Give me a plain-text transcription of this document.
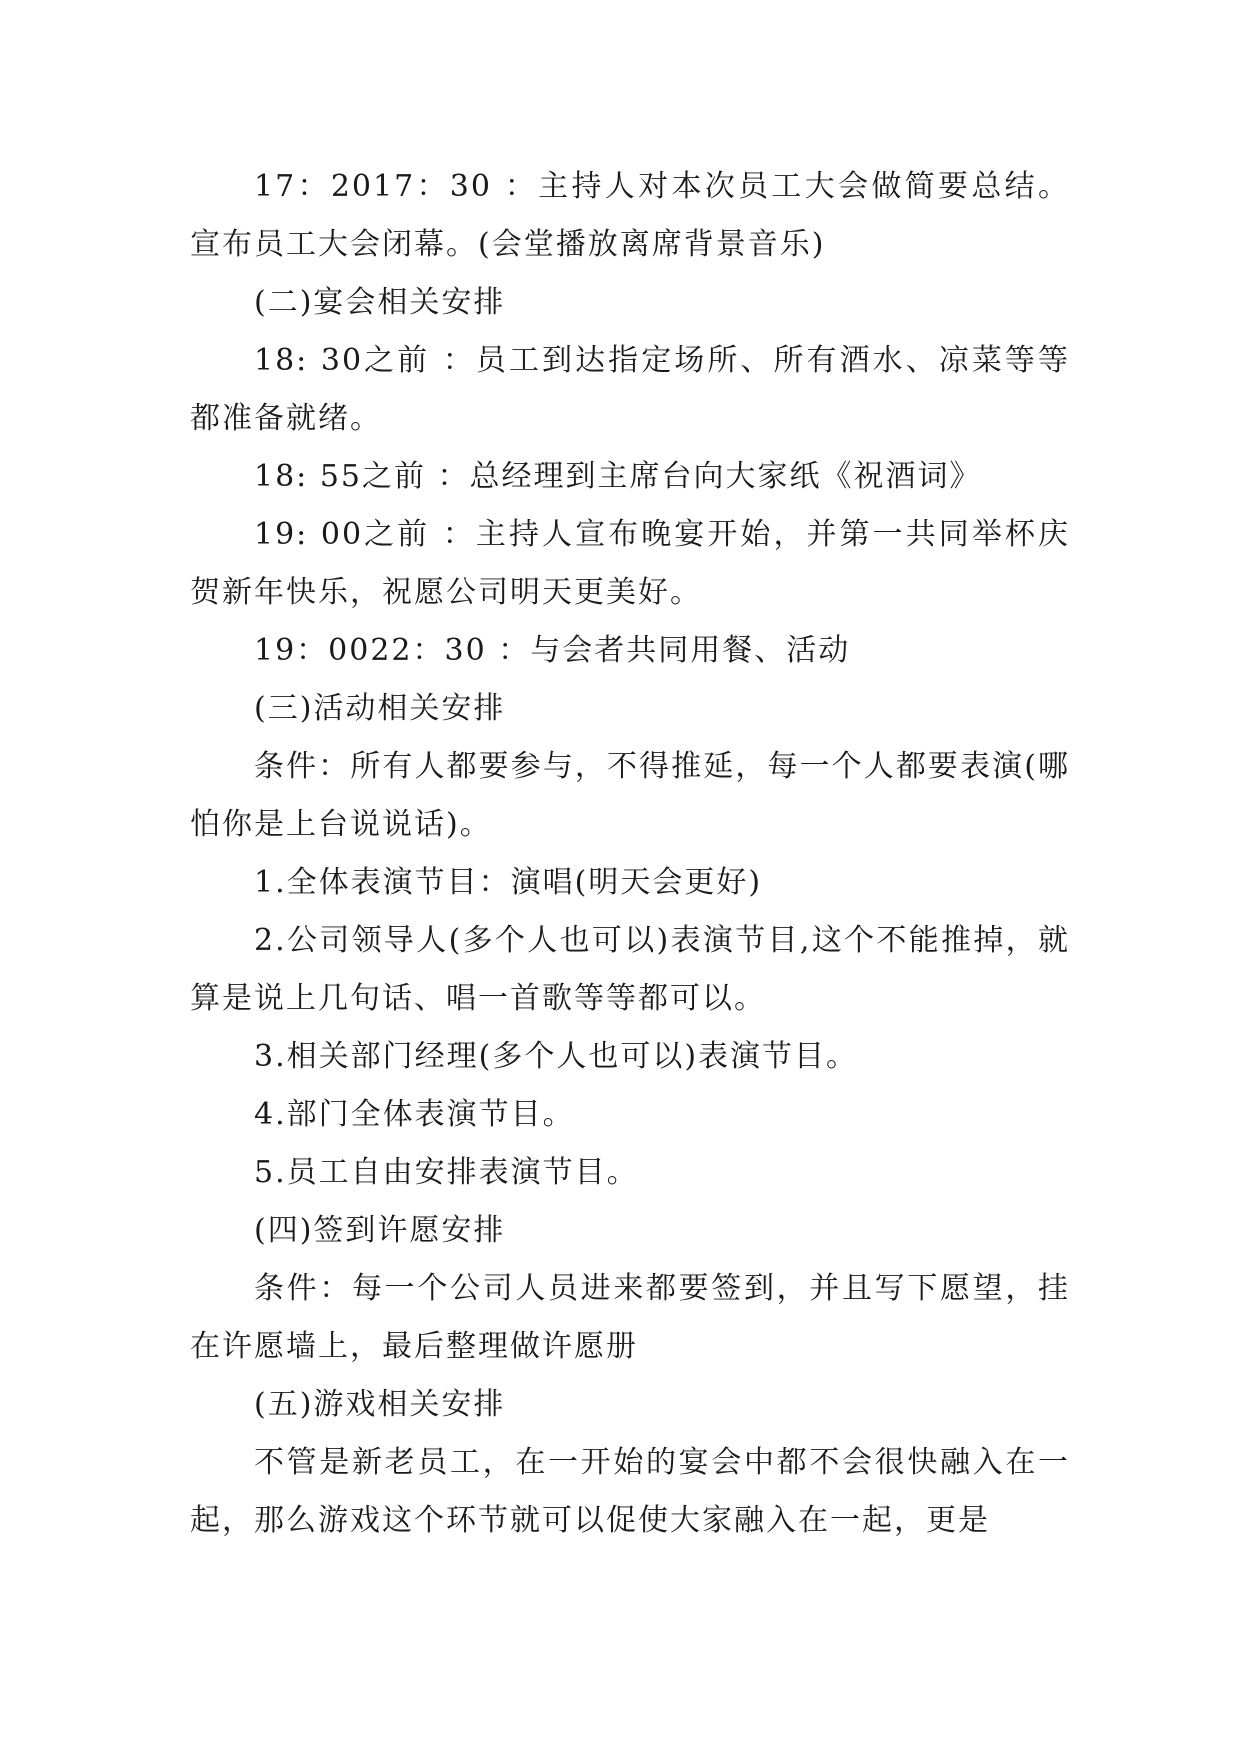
17：2017：30 ：主持人对本次员工大会做简要总结。宣布员工大会闭幕。(会堂播放离席背景音乐)

(二)宴会相关安排

18: 30之前 ：员工到达指定场所、所有酒水、凉菜等等都准备就绪。

18: 55之前 ：总经理到主席台向大家纸《祝酒词》

19: 00之前 ：主持人宣布晚宴开始，并第一共同举杯庆贺新年快乐，祝愿公司明天更美好。

19：0022：30 ：与会者共同用餐、活动

(三)活动相关安排

条件：所有人都要参与，不得推延，每一个人都要表演(哪怕你是上台说说话)。

1.全体表演节目：演唱(明天会更好)

2.公司领导人(多个人也可以)表演节目,这个不能推掉，就算是说上几句话、唱一首歌等等都可以。

3.相关部门经理(多个人也可以)表演节目。

4.部门全体表演节目。

5.员工自由安排表演节目。

(四)签到许愿安排

条件：每一个公司人员进来都要签到，并且写下愿望，挂在许愿墙上，最后整理做许愿册

(五)游戏相关安排

不管是新老员工，在一开始的宴会中都不会很快融入在一起，那么游戏这个环节就可以促使大家融入在一起，更是
